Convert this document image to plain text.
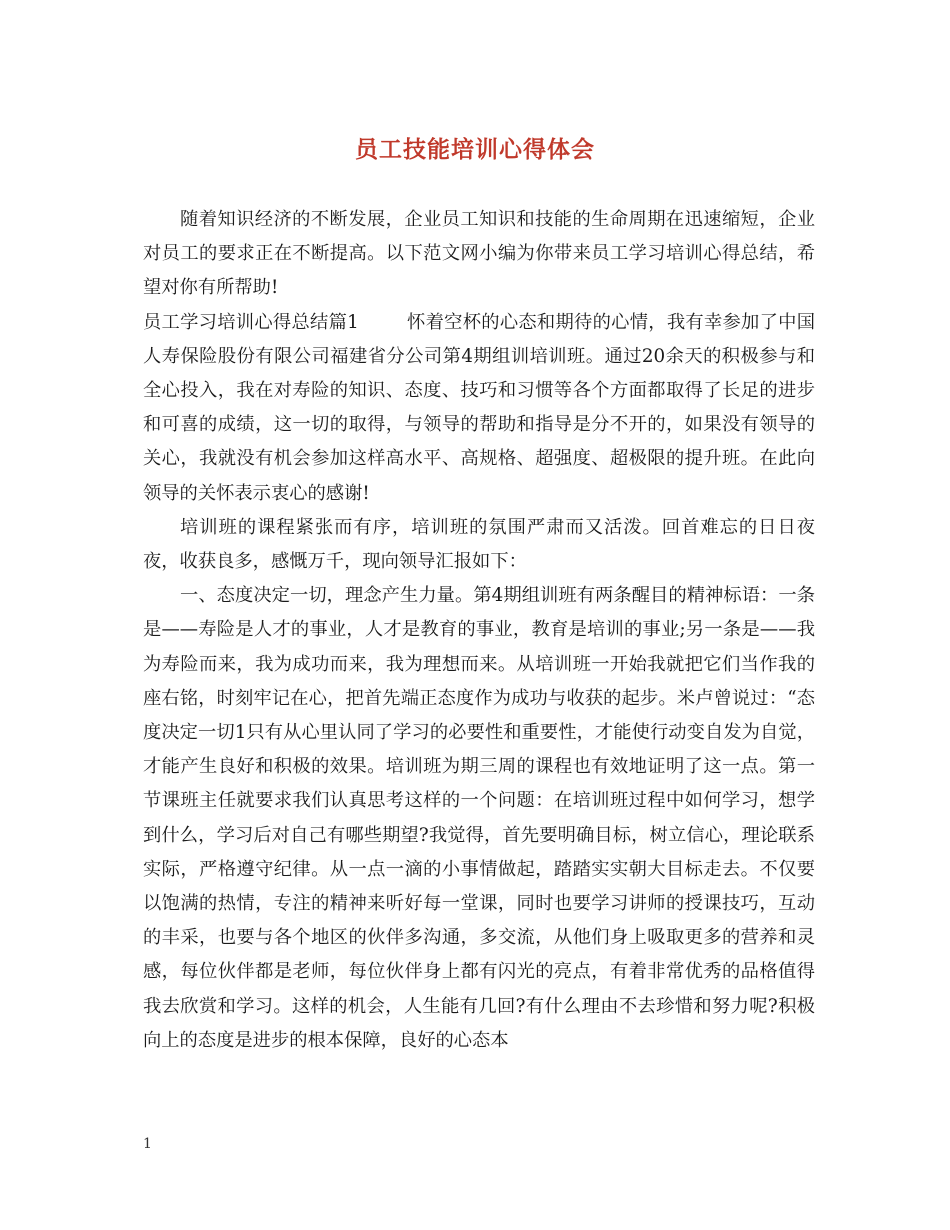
员工技能培训心得体会

随着知识经济的不断发展，企业员工知识和技能的生命周期在迅速缩短，企业对员工的要求正在不断提高。以下范文网小编为你带来员工学习培训心得总结，希望对你有所帮助!

员工学习培训心得总结篇1	怀着空杯的心态和期待的心情，我有幸参加了中国人寿保险股份有限公司福建省分公司第4期组训培训班。通过20余天的积极参与和全心投入，我在对寿险的知识、态度、技巧和习惯等各个方面都取得了长足的进步和可喜的成绩，这一切的取得，与领导的帮助和指导是分不开的，如果没有领导的关心，我就没有机会参加这样高水平、高规格、超强度、超极限的提升班。在此向领导的关怀表示衷心的感谢!

培训班的课程紧张而有序，培训班的氛围严肃而又活泼。回首难忘的日日夜夜，收获良多，感慨万千，现向领导汇报如下：

一、态度决定一切，理念产生力量。第4期组训班有两条醒目的精神标语：一条是——寿险是人才的事业，人才是教育的事业，教育是培训的事业;另一条是——我为寿险而来，我为成功而来，我为理想而来。从培训班一开始我就把它们当作我的座右铭，时刻牢记在心，把首先端正态度作为成功与收获的起步。米卢曾说过：“态度决定一切1只有从心里认同了学习的必要性和重要性，才能使行动变自发为自觉，才能产生良好和积极的效果。培训班为期三周的课程也有效地证明了这一点。第一节课班主任就要求我们认真思考这样的一个问题：在培训班过程中如何学习，想学到什么，学习后对自己有哪些期望?我觉得，首先要明确目标，树立信心，理论联系实际，严格遵守纪律。从一点一滴的小事情做起，踏踏实实朝大目标走去。不仅要以饱满的热情，专注的精神来听好每一堂课，同时也要学习讲师的授课技巧，互动的丰采，也要与各个地区的伙伴多沟通，多交流，从他们身上吸取更多的营养和灵感，每位伙伴都是老师，每位伙伴身上都有闪光的亮点，有着非常优秀的品格值得我去欣赏和学习。这样的机会，人生能有几回?有什么理由不去珍惜和努力呢?积极向上的态度是进步的根本保障，良好的心态本

1
